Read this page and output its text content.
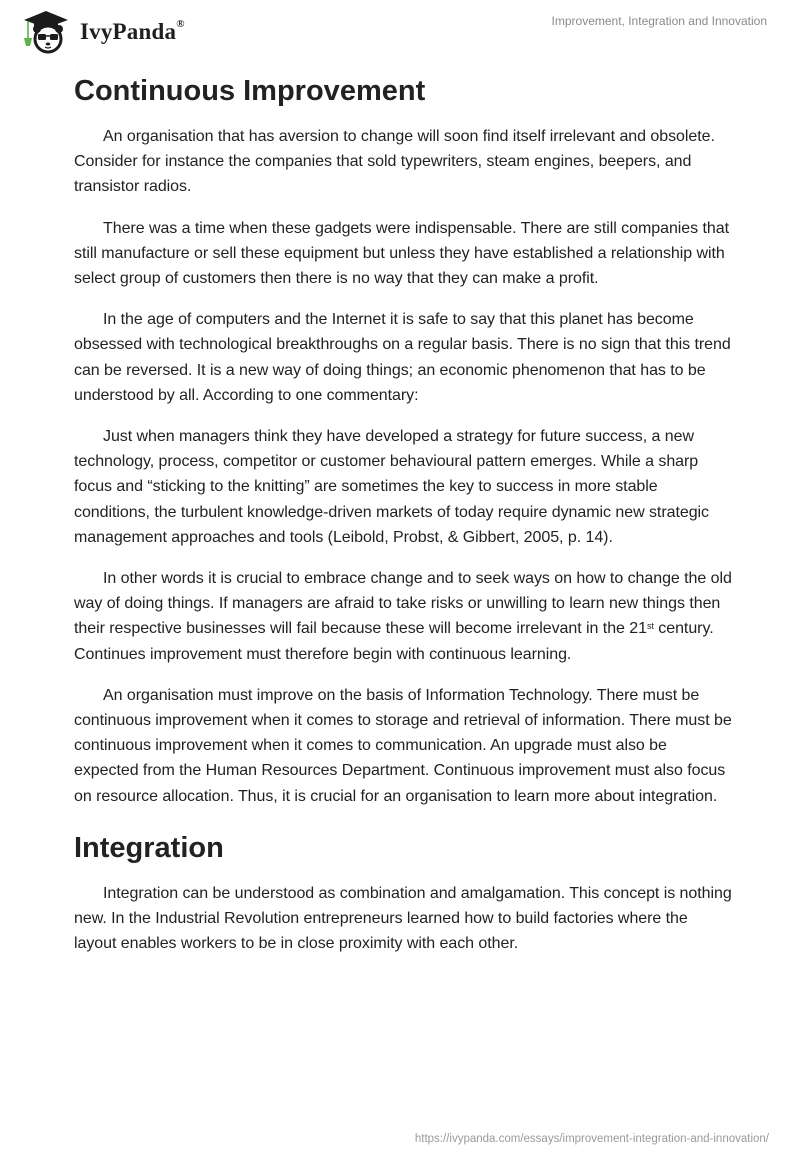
IvyPanda®	Improvement, Integration and Innovation
Continuous Improvement

An organisation that has aversion to change will soon find itself irrelevant and obsolete. Consider for instance the companies that sold typewriters, steam engines, beepers, and transistor radios.

There was a time when these gadgets were indispensable. There are still companies that still manufacture or sell these equipment but unless they have established a relationship with select group of customers then there is no way that they can make a profit.

In the age of computers and the Internet it is safe to say that this planet has become obsessed with technological breakthroughs on a regular basis. There is no sign that this trend can be reversed. It is a new way of doing things; an economic phenomenon that has to be understood by all. According to one commentary:

Just when managers think they have developed a strategy for future success, a new technology, process, competitor or customer behavioural pattern emerges. While a sharp focus and “sticking to the knitting” are sometimes the key to success in more stable conditions, the turbulent knowledge-driven markets of today require dynamic new strategic management approaches and tools (Leibold, Probst, & Gibbert, 2005, p. 14).

In other words it is crucial to embrace change and to seek ways on how to change the old way of doing things. If managers are afraid to take risks or unwilling to learn new things then their respective businesses will fail because these will become irrelevant in the 21st century. Continues improvement must therefore begin with continuous learning.

An organisation must improve on the basis of Information Technology. There must be continuous improvement when it comes to storage and retrieval of information. There must be continuous improvement when it comes to communication. An upgrade must also be expected from the Human Resources Department. Continuous improvement must also focus on resource allocation. Thus, it is crucial for an organisation to learn more about integration.

Integration

Integration can be understood as combination and amalgamation. This concept is nothing new. In the Industrial Revolution entrepreneurs learned how to build factories where the layout enables workers to be in close proximity with each other.

https://ivypanda.com/essays/improvement-integration-and-innovation/
